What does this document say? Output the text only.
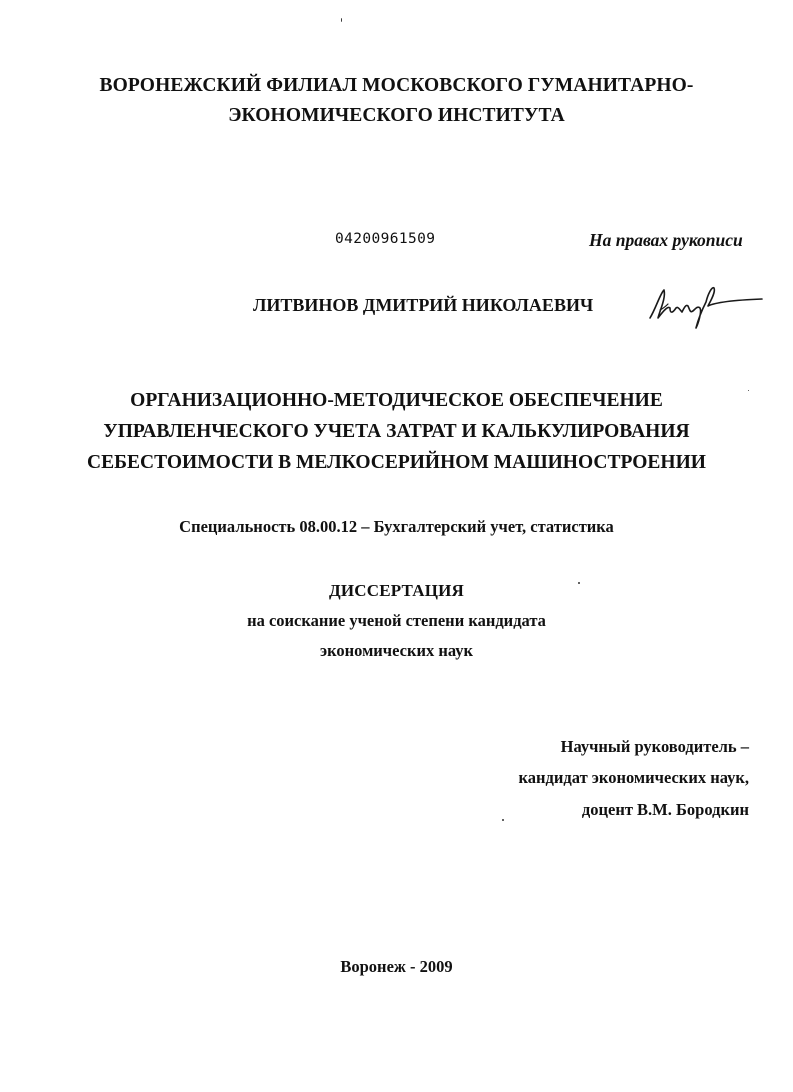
ВОРОНЕЖСКИЙ ФИЛИАЛ МОСКОВСКОГО ГУМАНИТАРНО-
ЭКОНОМИЧЕСКОГО ИНСТИТУТА
04200961509	На правах рукописи
ЛИТВИНОВ ДМИТРИЙ НИКОЛАЕВИЧ
ОРГАНИЗАЦИОННО-МЕТОДИЧЕСКОЕ ОБЕСПЕЧЕНИЕ
УПРАВЛЕНЧЕСКОГО УЧЕТА ЗАТРАТ И КАЛЬКУЛИРОВАНИЯ
СЕБЕСТОИМОСТИ В МЕЛКОСЕРИЙНОМ МАШИНОСТРОЕНИИ
Специальность 08.00.12 – Бухгалтерский учет, статистика
ДИССЕРТАЦИЯ
на соискание ученой степени кандидата
экономических наук
Научный руководитель –
кандидат экономических наук,
доцент В.М. Бородкин
Воронеж - 2009
